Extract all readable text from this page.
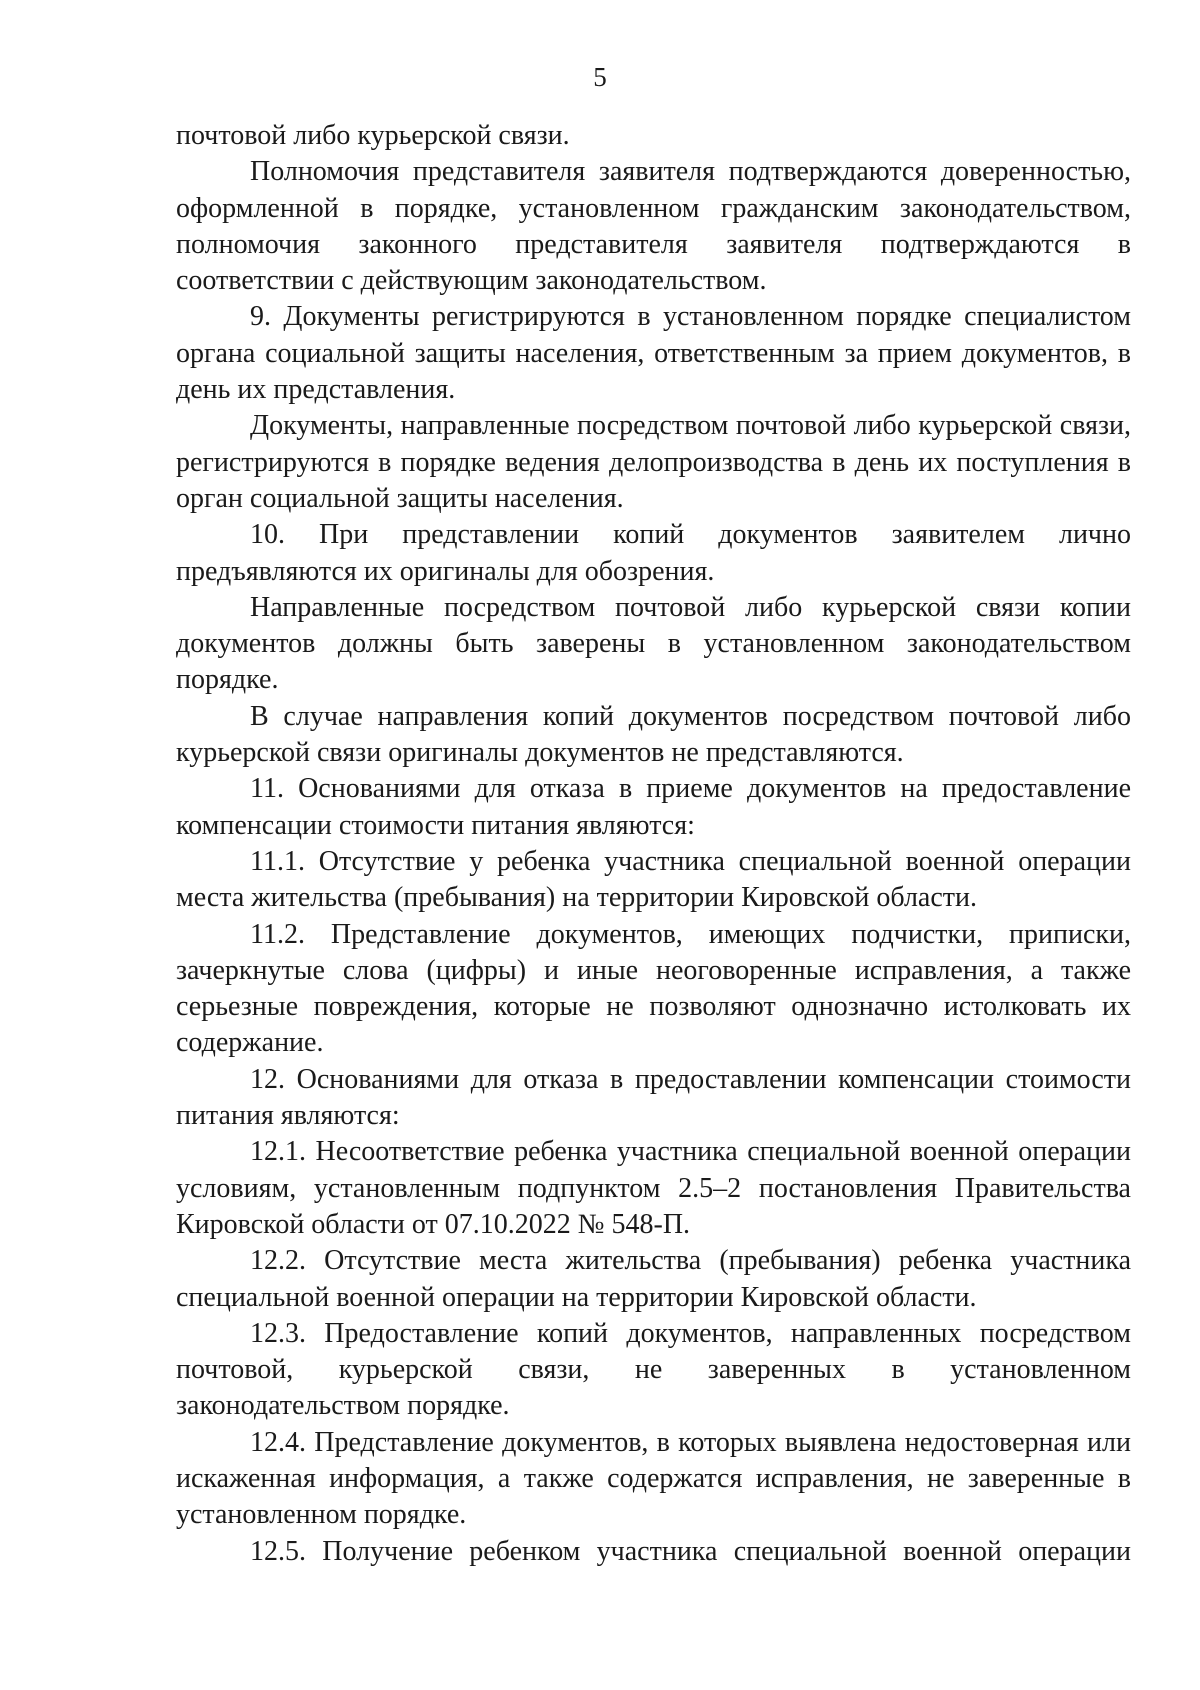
5

почтовой либо курьерской связи.

Полномочия представителя заявителя подтверждаются доверенностью, оформленной в порядке, установленном гражданским законодательством, полномочия законного представителя заявителя подтверждаются в соответствии с действующим законодательством.

9. Документы регистрируются в установленном порядке специалистом органа социальной защиты населения, ответственным за прием документов, в день их представления.

Документы, направленные посредством почтовой либо курьерской связи, регистрируются в порядке ведения делопроизводства в день их поступления в орган социальной защиты населения.

10. При представлении копий документов заявителем лично предъявляются их оригиналы для обозрения.

Направленные посредством почтовой либо курьерской связи копии документов должны быть заверены в установленном законодательством порядке.

В случае направления копий документов посредством почтовой либо курьерской связи оригиналы документов не представляются.

11. Основаниями для отказа в приеме документов на предоставление компенсации стоимости питания являются:

11.1. Отсутствие у ребенка участника специальной военной операции места жительства (пребывания) на территории Кировской области.

11.2. Представление документов, имеющих подчистки, приписки, зачеркнутые слова (цифры) и иные неоговоренные исправления, а также серьезные повреждения, которые не позволяют однозначно истолковать их содержание.

12. Основаниями для отказа в предоставлении компенсации стоимости питания являются:

12.1. Несоответствие ребенка участника специальной военной операции условиям, установленным подпунктом 2.5–2 постановления Правительства Кировской области от 07.10.2022 № 548-П.

12.2. Отсутствие места жительства (пребывания) ребенка участника специальной военной операции на территории Кировской области.

12.3. Предоставление копий документов, направленных посредством почтовой, курьерской связи, не заверенных в установленном законодательством порядке.

12.4. Представление документов, в которых выявлена недостоверная или искаженная информация, а также содержатся исправления, не заверенные в установленном порядке.

12.5. Получение ребенком участника специальной военной операции
